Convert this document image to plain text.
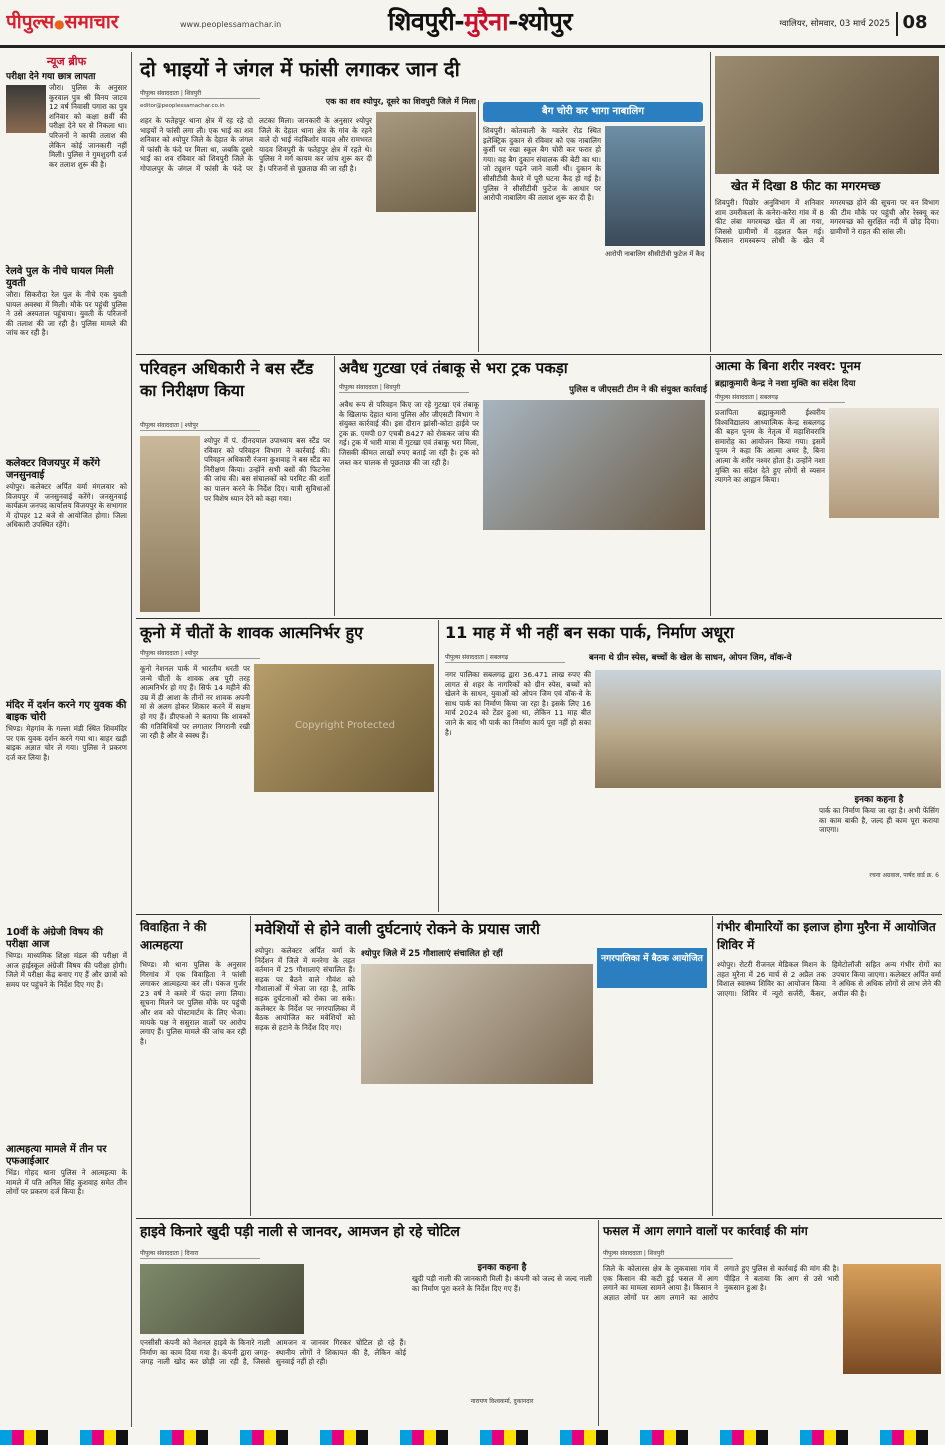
पीपुल्स●समाचार	www.peoplessamachar.in	शिवपुरी-मुरैना-श्योपुर	ग्वालियर, सोमवार, 03 मार्च 2025 08
न्यूज ब्रीफ
परीक्षा देने गया छात्र लापता
जौरा। पुलिस के अनुसार कुरवाल पुत्र श्री विनय जाटव 12 वर्ष निवासी पगारा का पुत्र शनिवार को कक्षा 8वीं की परीक्षा देने घर से निकला था। परिजनों ने काफी तलाश की लेकिन कोई जानकारी नहीं मिली। पुलिस ने गुमशुदगी दर्ज कर तलाश शुरू की है।
रेलवे पुल के नीचे घायल मिली युवती
जौरा। सिकरौदा रेल पुल के नीचे एक युवती घायल अवस्था में मिली। मौके पर पहुंची पुलिस ने उसे अस्पताल पहुंचाया। युवती के परिजनों की तलाश की जा रही है। पुलिस मामले की जांच कर रही है।
कलेक्टर विजयपुर में करेंगे जनसुनवाई
श्योपुर। कलेक्टर अर्पित वर्मा मंगलवार को विजयपुर में जनसुनवाई करेंगे। जनसुनवाई कार्यक्रम जनपद कार्यालय विजयपुर के सभागार में दोपहर 12 बजे से आयोजित होगा। जिला अधिकारी उपस्थित रहेंगे।
मंदिर में दर्शन करने गए युवक की बाइक चोरी
भिण्ड। मेहगांव के गल्ला मंडी स्थित शिवमंदिर पर एक युवक दर्शन करने गया था। बाहर खड़ी बाइक अज्ञात चोर ले गया। पुलिस ने प्रकरण दर्ज कर लिया है।
10वीं के अंग्रेजी विषय की परीक्षा आज
भिण्ड। माध्यमिक शिक्षा मंडल की परीक्षा में आज हाईस्कूल अंग्रेजी विषय की परीक्षा होगी। जिले में परीक्षा केंद्र बनाए गए हैं और छात्रों को समय पर पहुंचने के निर्देश दिए गए हैं।
आत्महत्या मामले में तीन पर एफआईआर
भिंड। गोहद थाना पुलिस ने आत्महत्या के मामले में पति अनिल सिंह कुशवाह समेत तीन लोगों पर प्रकरण दर्ज किया है।
दो भाइयों ने जंगल में फांसी लगाकर जान दी
पीपुल्स संवाददाता | शिवपुरी
editor@peoplessamachar.co.in	एक का शव श्योपुर, दूसरे का शिवपुरी जिले में मिला
शहर के फतेहपुर थाना क्षेत्र में रह रहे दो भाइयों ने फांसी लगा ली। एक भाई का शव शनिवार को श्योपुर जिले के देहात के जंगल में फांसी के फंदे पर मिला था, जबकि दूसरे भाई का शव रविवार को शिवपुरी जिले के गोपालपुर के जंगल में फांसी के फंदे पर लटका मिला। जानकारी के अनुसार श्योपुर जिले के देहात थाना क्षेत्र के गांव के रहने वाले दो भाई नंदकिशोर यादव और रामभरत यादव शिवपुरी के फतेहपुर क्षेत्र में रहते थे। पुलिस ने मर्ग कायम कर जांच शुरू कर दी है। परिजनों से पूछताछ की जा रही है।
बैग चोरी कर भागा नाबालिग
शिवपुरी। कोतवाली के ग्वालेर रोड स्थित इलेक्ट्रिक दुकान से रविवार को एक नाबालिग कुर्सी पर रखा स्कूल बैग चोरी कर फरार हो गया। वह बैग दुकान संचालक की बेटी का था। जो ट्यूशन पढ़ने जाने वाली थी। दुकान के सीसीटीवी कैमरे में पूरी घटना कैद हो गई है। पुलिस ने सीसीटीवी फुटेज के आधार पर आरोपी नाबालिग की तलाश शुरू कर दी है।
आरोपी नाबालिग सीसीटीवी फुटेज में कैद
खेत में दिखा 8 फीट का मगरमच्छ
शिवपुरी। पिछोर अनुविभाग में शनिवार शाम उमरीकलां के कनेरा-करैरा गांव में 8 फीट लंबा मगरमच्छ खेत में आ गया, जिससे ग्रामीणों में दहशत फैल गई। किसान रामस्वरूप लोधी के खेत में मगरमच्छ होने की सूचना पर वन विभाग की टीम मौके पर पहुंची और रेस्क्यू कर मगरमच्छ को सुरक्षित नदी में छोड़ दिया। ग्रामीणों ने राहत की सांस ली।
परिवहन अधिकारी ने बस स्टैंड का निरीक्षण किया
पीपुल्स संवाददाता | श्योपुर
श्योपुर में पं. दीनदयाल उपाध्याय बस स्टैंड पर रविवार को परिवहन विभाग ने कार्रवाई की। परिवहन अधिकारी रंजना कुशवाह ने बस स्टैंड का निरीक्षण किया। उन्होंने सभी बसों की फिटनेस की जांच की। बस संचालकों को परमिट की शर्तों का पालन करने के निर्देश दिए। यात्री सुविधाओं पर विशेष ध्यान देने को कहा गया।
अवैध गुटखा एवं तंबाकू से भरा ट्रक पकड़ा
पीपुल्स संवाददाता | शिवपुरी	पुलिस व जीएसटी टीम ने की संयुक्त कार्रवाई
अवैध रूप से परिवहन किए जा रहे गुटखा एवं तंबाकू के खिलाफ देहात थाना पुलिस और जीएसटी विभाग ने संयुक्त कार्रवाई की। इस दौरान झांसी-कोटा हाईवे पर ट्रक क्र. एमपी 07 एचबी 8427 को रोककर जांच की गई। ट्रक में भारी मात्रा में गुटखा एवं तंबाकू भरा मिला, जिसकी कीमत लाखों रुपए बताई जा रही है। ट्रक को जब्त कर चालक से पूछताछ की जा रही है।
आत्मा के बिना शरीर नश्वर: पूनम
ब्रह्माकुमारी केन्द्र ने नशा मुक्ति का संदेश दिया
पीपुल्स संवाददाता | सबलगढ़
प्रजापिता ब्रह्माकुमारी ईश्वरीय विश्वविद्यालय आध्यात्मिक केन्द्र सबलगढ़ की बहन पूनम के नेतृत्व में महाशिवरात्रि समारोह का आयोजन किया गया। इसमें पूनम ने कहा कि आत्मा अमर है, बिना आत्मा के शरीर नश्वर होता है। उन्होंने नशा मुक्ति का संदेश देते हुए लोगों से व्यसन त्यागने का आह्वान किया।
कूनो में चीतों के शावक आत्मनिर्भर हुए
पीपुल्स संवाददाता | श्योपुर
कूनो नेशनल पार्क में भारतीय धरती पर जन्मे चीतों के शावक अब पूरी तरह आत्मनिर्भर हो गए हैं। सिर्फ 14 महीने की उम्र में ही आशा के तीनों नर शावक अपनी मां से अलग होकर शिकार करने में सक्षम हो गए हैं। डीएफओ ने बताया कि शावकों की गतिविधियों पर लगातार निगरानी रखी जा रही है और वे स्वस्थ हैं।
Copyright Protected
11 माह में भी नहीं बन सका पार्क, निर्माण अधूरा
पीपुल्स संवाददाता | सबलगढ़	बनना थे ग्रीन स्पेस, बच्चों के खेल के साधन, ओपन जिम, वॉक-वे
नगर पालिका सबलगढ़ द्वारा 36.471 लाख रुपए की लागत से शहर के नागरिकों को ग्रीन स्पेस, बच्चों को खेलने के साधन, युवाओं को ओपन जिम एवं वॉक-वे के साथ पार्क का निर्माण किया जा रहा है। इसके लिए 16 मार्च 2024 को टेंडर हुआ था, लेकिन 11 माह बीत जाने के बाद भी पार्क का निर्माण कार्य पूरा नहीं हो सका है।
इनका कहना है
पार्क का निर्माण किया जा रहा है। अभी फेंसिंग का काम बाकी है, जल्द ही काम पूरा कराया जाएगा।
रचना अग्रवाल, पार्षद वार्ड क्र. 6
विवाहिता ने की आत्महत्या
भिण्ड। मौ थाना पुलिस के अनुसार गिरगांव में एक विवाहिता ने फांसी लगाकर आत्महत्या कर ली। पंकज गुर्जर 23 वर्ष ने कमरे में फंदा लगा लिया। सूचना मिलने पर पुलिस मौके पर पहुंची और शव को पोस्टमार्टम के लिए भेजा। मायके पक्ष ने ससुराल वालों पर आरोप लगाए हैं। पुलिस मामले की जांच कर रही है।
मवेशियों से होने वाली दुर्घटनाएं रोकने के प्रयास जारी
श्योपुर। कलेक्टर अर्पित वर्मा के निर्देशन में जिले में मनरेगा के तहत वर्तमान में 25 गौशालाएं संचालित हैं। सड़क पर बैठने वाले गौवंश को गौशालाओं में भेजा जा रहा है, ताकि सड़क दुर्घटनाओं को रोका जा सके। कलेक्टर के निर्देश पर नगरपालिका में बैठक आयोजित कर मवेशियों को सड़क से हटाने के निर्देश दिए गए।
श्योपुर जिले में 25 गौशालाएं संचालित हो रहीं	नगरपालिका में बैठक आयोजित
गंभीर बीमारियों का इलाज होगा मुरैना में आयोजित शिविर में
श्योपुर। रोटरी रीजनल मेडिकल मिशन के तहत मुरैना में 26 मार्च से 2 अप्रैल तक विशाल स्वास्थ्य शिविर का आयोजन किया जाएगा। शिविर में न्यूरो सर्जरी, कैंसर, हिमेटोलॉजी सहित अन्य गंभीर रोगों का उपचार किया जाएगा। कलेक्टर अर्पित वर्मा ने अधिक से अधिक लोगों से लाभ लेने की अपील की है।
हाइवे किनारे खुदी पड़ी नाली से जानवर, आमजन हो रहे चोटिल
पीपुल्स संवाददाता | दिनारा
एनसीसी कंपनी को नेशनल हाइवे के किनारे नाली निर्माण का काम दिया गया है। कंपनी द्वारा जगह-जगह नाली खोद कर छोड़ी जा रही है, जिससे आमजन व जानवर गिरकर चोटिल हो रहे हैं। स्थानीय लोगों ने शिकायत की है, लेकिन कोई सुनवाई नहीं हो रही।
इनका कहना है
खुदी पड़ी नाली की जानकारी मिली है। कंपनी को जल्द से जल्द नाली का निर्माण पूरा करने के निर्देश दिए गए हैं।
नारायण विश्वकर्मा, दुकानदार
फसल में आग लगाने वालों पर कार्रवाई की मांग
पीपुल्स संवाददाता | शिवपुरी
जिले के कोलारस क्षेत्र के लुकवासा गांव में एक किसान की कटी हुई फसल में आग लगाने का मामला सामने आया है। किसान ने अज्ञात लोगों पर आग लगाने का आरोप लगाते हुए पुलिस से कार्रवाई की मांग की है। पीड़ित ने बताया कि आग से उसे भारी नुकसान हुआ है।
